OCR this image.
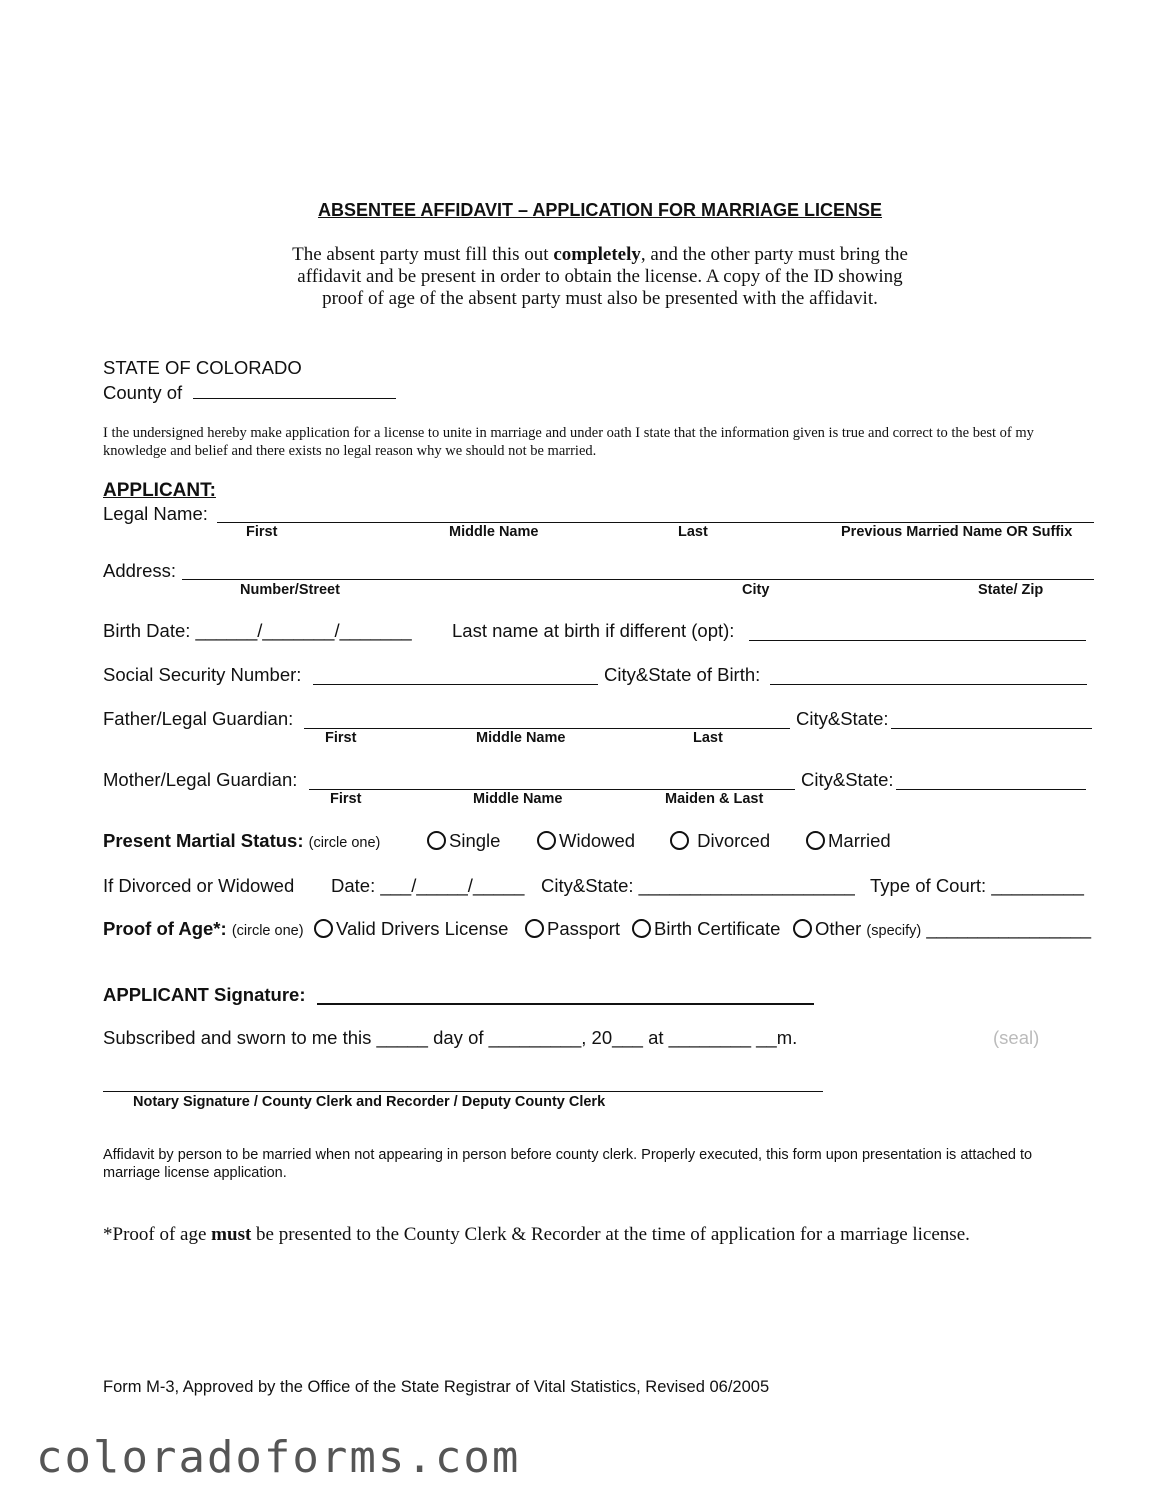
ABSENTEE AFFIDAVIT – APPLICATION FOR MARRIAGE LICENSE
The absent party must fill this out completely, and the other party must bring the
affidavit and be present in order to obtain the license. A copy of the ID showing
proof of age of the absent party must also be presented with the affidavit.
STATE OF COLORADO
County of
I the undersigned hereby make application for a license to unite in marriage and under oath I state that the information given is true and correct to the best of my
knowledge and belief and there exists no legal reason why we should not be married.
APPLICANT:
Legal Name:
First	Middle Name	Last	Previous Married Name OR Suffix
Address:
Number/Street	City	State/ Zip
Birth Date: ______/_______/_______ Last name at birth if different (opt):
Social Security Number:	City&State of Birth:
Father/Legal Guardian:	City&State:
First	Middle Name	Last
Mother/Legal Guardian:	City&State:
First	Middle Name	Maiden & Last
Present Martial Status: (circle one)	Single	Widowed	Divorced	Married
If Divorced or Widowed Date: ___/_____/_____ City&State: _____________________ Type of Court: _________
Proof of Age*: (circle one)	Valid Drivers License	Passport	Birth Certificate	Other (specify) ________________
APPLICANT Signature:
Subscribed and sworn to me this _____ day of _________, 20___ at ________ __m.	(seal)
Notary Signature / County Clerk and Recorder / Deputy County Clerk
Affidavit by person to be married when not appearing in person before county clerk. Properly executed, this form upon presentation is attached to
marriage license application.
*Proof of age must be presented to the County Clerk & Recorder at the time of application for a marriage license.
Form M-3, Approved by the Office of the State Registrar of Vital Statistics, Revised 06/2005
coloradoforms.com
